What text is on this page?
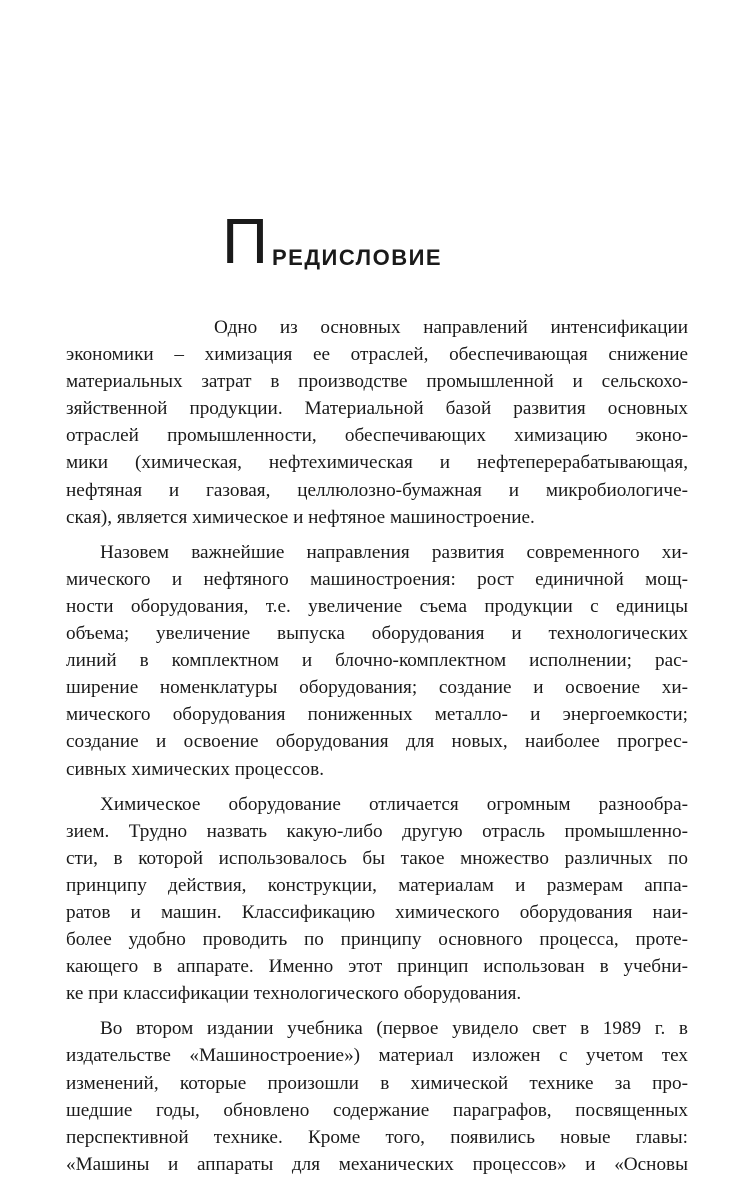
П РЕДИСЛОВИЕ

Одно из основных направлений интенсификации
экономики – химизация ее отраслей, обеспечивающая снижение
материальных затрат в производстве промышленной и сельскохо-
зяйственной продукции. Материальной базой развития основных
отраслей промышленности, обеспечивающих химизацию эконо-
мики (химическая, нефтехимическая и нефтеперерабатывающая,
нефтяная и газовая, целлюлозно-бумажная и микробиологиче-
ская), является химическое и нефтяное машиностроение.

Назовем важнейшие направления развития современного хи-
мического и нефтяного машиностроения: рост единичной мощ-
ности оборудования, т.е. увеличение съема продукции с единицы
объема; увеличение выпуска оборудования и технологических
линий в комплектном и блочно-комплектном исполнении; рас-
ширение номенклатуры оборудования; создание и освоение хи-
мического оборудования пониженных металло- и энергоемкости;
создание и освоение оборудования для новых, наиболее прогрес-
сивных химических процессов.

Химическое оборудование отличается огромным разнообра-
зием. Трудно назвать какую-либо другую отрасль промышленно-
сти, в которой использовалось бы такое множество различных по
принципу действия, конструкции, материалам и размерам аппа-
ратов и машин. Классификацию химического оборудования наи-
более удобно проводить по принципу основного процесса, проте-
кающего в аппарате. Именно этот принцип использован в учебни-
ке при классификации технологического оборудования.

Во втором издании учебника (первое увидело свет в 1989 г. в
издательстве «Машиностроение») материал изложен с учетом тех
изменений, которые произошли в химической технике за про-
шедшие годы, обновлено содержание параграфов, посвященных
перспективной технике. Кроме того, появились новые главы:
«Машины и аппараты для механических процессов» и «Основы
